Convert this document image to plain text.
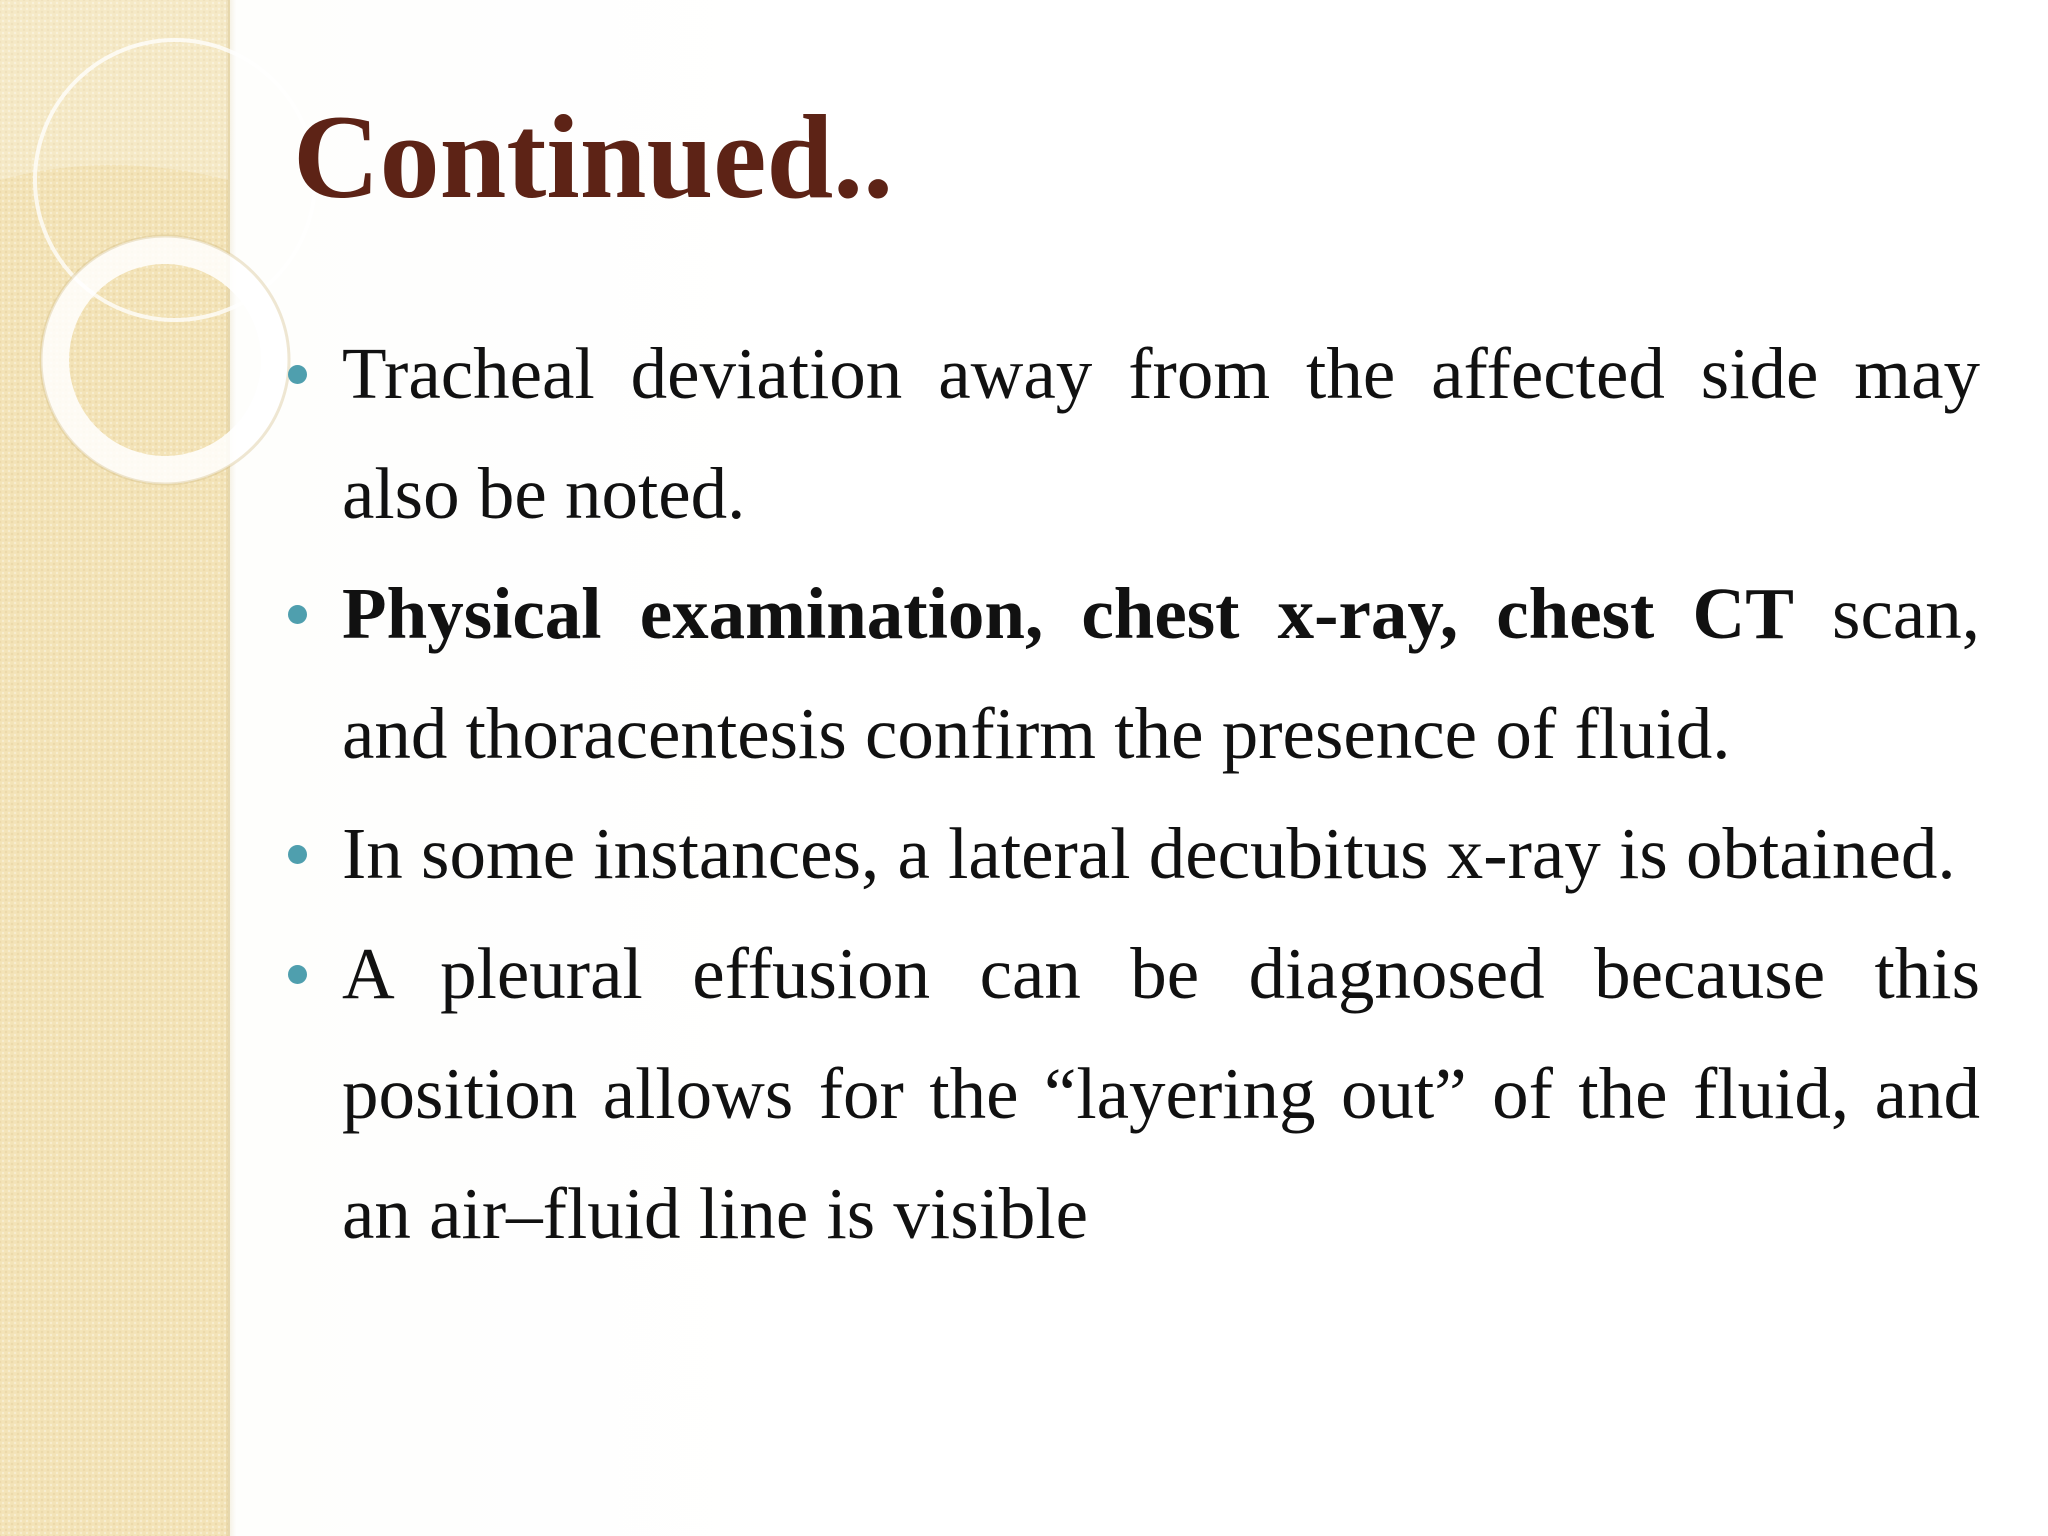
Continued..
Tracheal deviation away from the affected side may also be noted.
Physical examination, chest x-ray, chest CT scan, and thoracentesis confirm the presence of fluid.
In some instances, a lateral decubitus x-ray is obtained.
A pleural effusion can be diagnosed because this position allows for the “layering out” of the fluid, and an air–fluid line is visible
